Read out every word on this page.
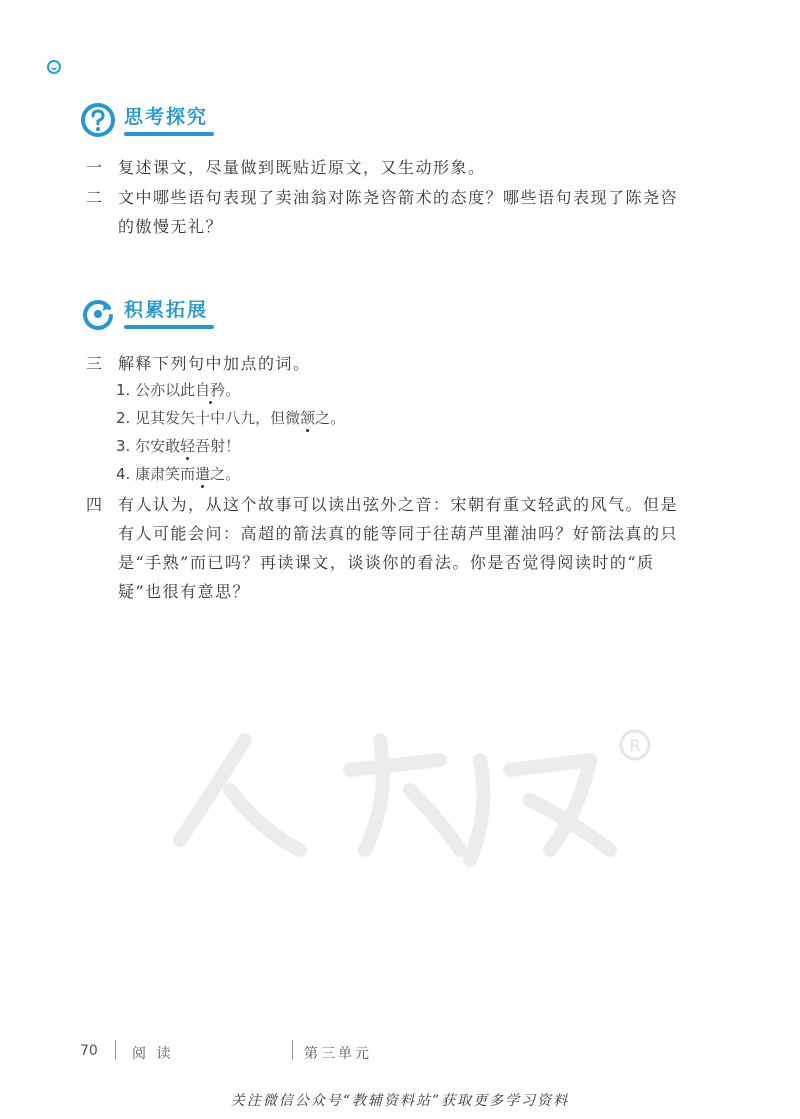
思考探究
一 复述课文，尽量做到既贴近原文，又生动形象。
二 文中哪些语句表现了卖油翁对陈尧咨箭术的态度？哪些语句表现了陈尧咨的傲慢无礼？
积累拓展
三 解释下列句中加点的词。
1. 公亦以此自矜。
2. 见其发矢十中八九，但微颔之。
3. 尔安敢轻吾射！
4. 康肃笑而遣之。
四 有人认为，从这个故事可以读出弦外之音：宋朝有重文轻武的风气。但是有人可能会问：高超的箭法真的能等同于往葫芦里灌油吗？好箭法真的只是“手熟”而已吗？再读课文，谈谈你的看法。你是否觉得阅读时的“质疑”也很有意思？
R
70 阅 读	第三单元
关注微信公众号“教辅资料站”获取更多学习资料
